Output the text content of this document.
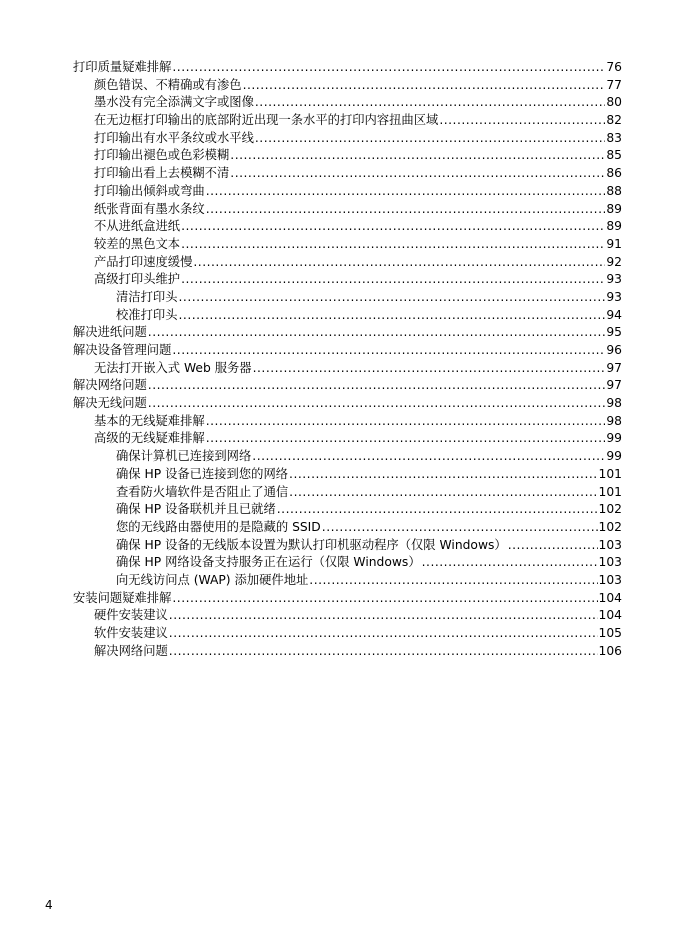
打印质量疑难排解 .....	76
颜色错误、不精确或有渗色 .....	77
墨水没有完全添满文字或图像 .....	80
在无边框打印输出的底部附近出现一条水平的打印内容扭曲区域 .....	82
打印输出有水平条纹或水平线 .....	83
打印输出褪色或色彩模糊 .....	85
打印输出看上去模糊不清 .....	86
打印输出倾斜或弯曲 .....	88
纸张背面有墨水条纹 .....	89
不从进纸盒进纸 .....	89
较差的黑色文本 .....	91
产品打印速度缓慢 .....	92
高级打印头维护 .....	93
清洁打印头 .....	93
校准打印头 .....	94
解决进纸问题 .....	95
解决设备管理问题 .....	96
无法打开嵌入式 Web 服务器 .....	97
解决网络问题 .....	97
解决无线问题 .....	98
基本的无线疑难排解 .....	98
高级的无线疑难排解 .....	99
确保计算机已连接到网络 .....	99
确保 HP 设备已连接到您的网络 .....	101
查看防火墙软件是否阻止了通信 .....	101
确保 HP 设备联机并且已就绪 .....	102
您的无线路由器使用的是隐藏的 SSID .....	102
确保 HP 设备的无线版本设置为默认打印机驱动程序（仅限 Windows） .....	103
确保 HP 网络设备支持服务正在运行（仅限 Windows） .....	103
向无线访问点 (WAP) 添加硬件地址 .....	103
安装问题疑难排解 .....	104
硬件安装建议 .....	104
软件安装建议 .....	105
解决网络问题 .....	106
4
